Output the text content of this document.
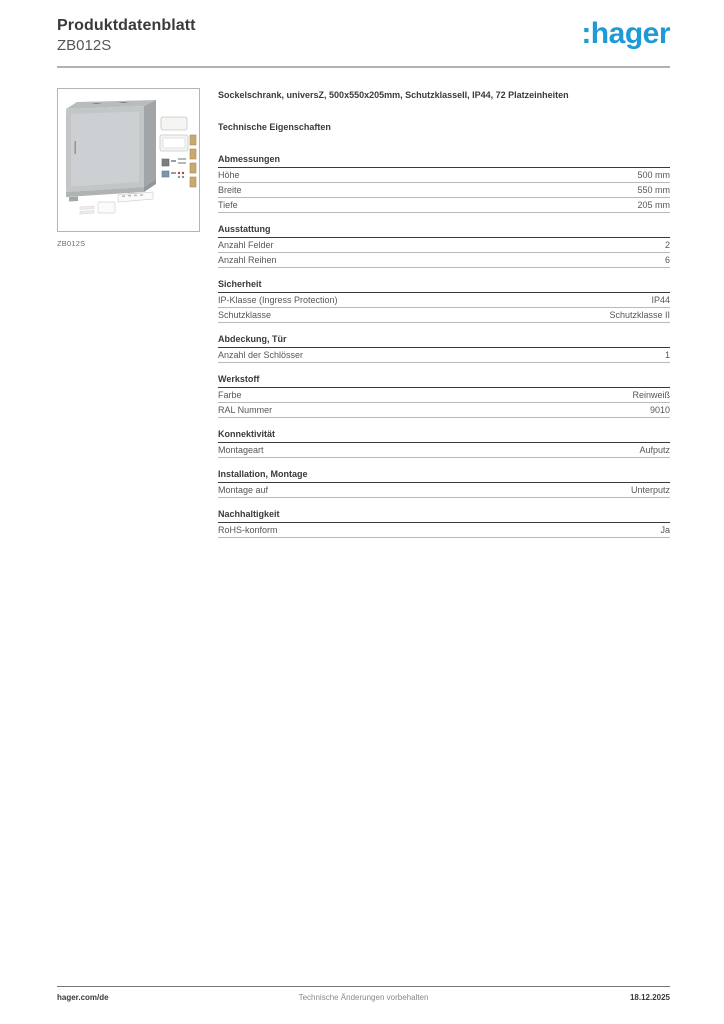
Produktdatenblatt
ZB012S	:hager
ZB012S
Sockelschrank, universZ, 500x550x205mm, SchutzklasseII, IP44, 72 Platzeinheiten
Technische Eigenschaften
Abmessungen
Höhe	500 mm
Breite	550 mm
Tiefe	205 mm
Ausstattung
Anzahl Felder	2
Anzahl Reihen	6
Sicherheit
IP-Klasse (Ingress Protection)	IP44
Schutzklasse	Schutzklasse II
Abdeckung, Tür
Anzahl der Schlösser	1
Werkstoff
Farbe	Reinweiß
RAL Nummer	9010
Konnektivität
Montageart	Aufputz
Installation, Montage
Montage auf	Unterputz
Nachhaltigkeit
RoHS-konform	Ja
hager.com/de	Technische Änderungen vorbehalten	18.12.2025
